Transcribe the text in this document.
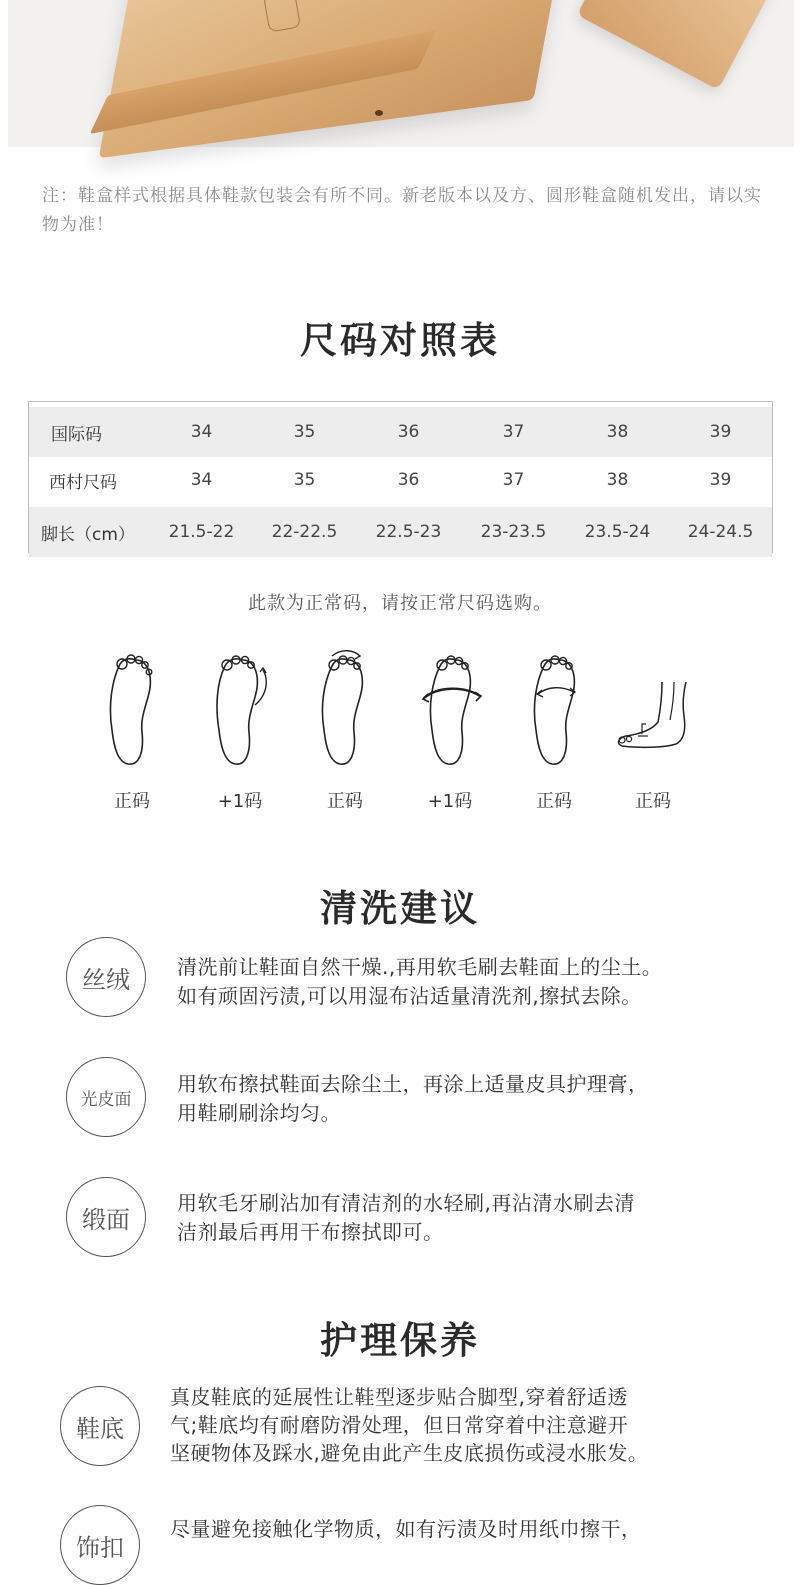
注：鞋盒样式根据具体鞋款包装会有所不同。新老版本以及方、圆形鞋盒随机发出，请以实物为准！
尺码对照表
国际码	34	35	36	37	38	39
西村尺码	34	35	36	37	38	39
脚长（cm）	21.5-22	22-22.5	22.5-23	23-23.5	23.5-24	24-24.5
此款为正常码，请按正常尺码选购。
正码	+1码	正码	+1码	正码	正码
清洗建议
丝绒	清洗前让鞋面自然干燥.,再用软毛刷去鞋面上的尘土。
如有顽固污渍,可以用湿布沾适量清洗剂,擦拭去除。
光皮面
用软布擦拭鞋面去除尘土，再涂上适量皮具护理膏，
用鞋刷刷涂均匀。
缎面
用软毛牙刷沾加有清洁剂的水轻刷,再沾清水刷去清
洁剂最后再用干布擦拭即可。
护理保养
鞋底
真皮鞋底的延展性让鞋型逐步贴合脚型,穿着舒适透
气;鞋底均有耐磨防滑处理，但日常穿着中注意避开
坚硬物体及踩水,避免由此产生皮底损伤或浸水胀发。
饰扣
尽量避免接触化学物质，如有污渍及时用纸巾擦干，
